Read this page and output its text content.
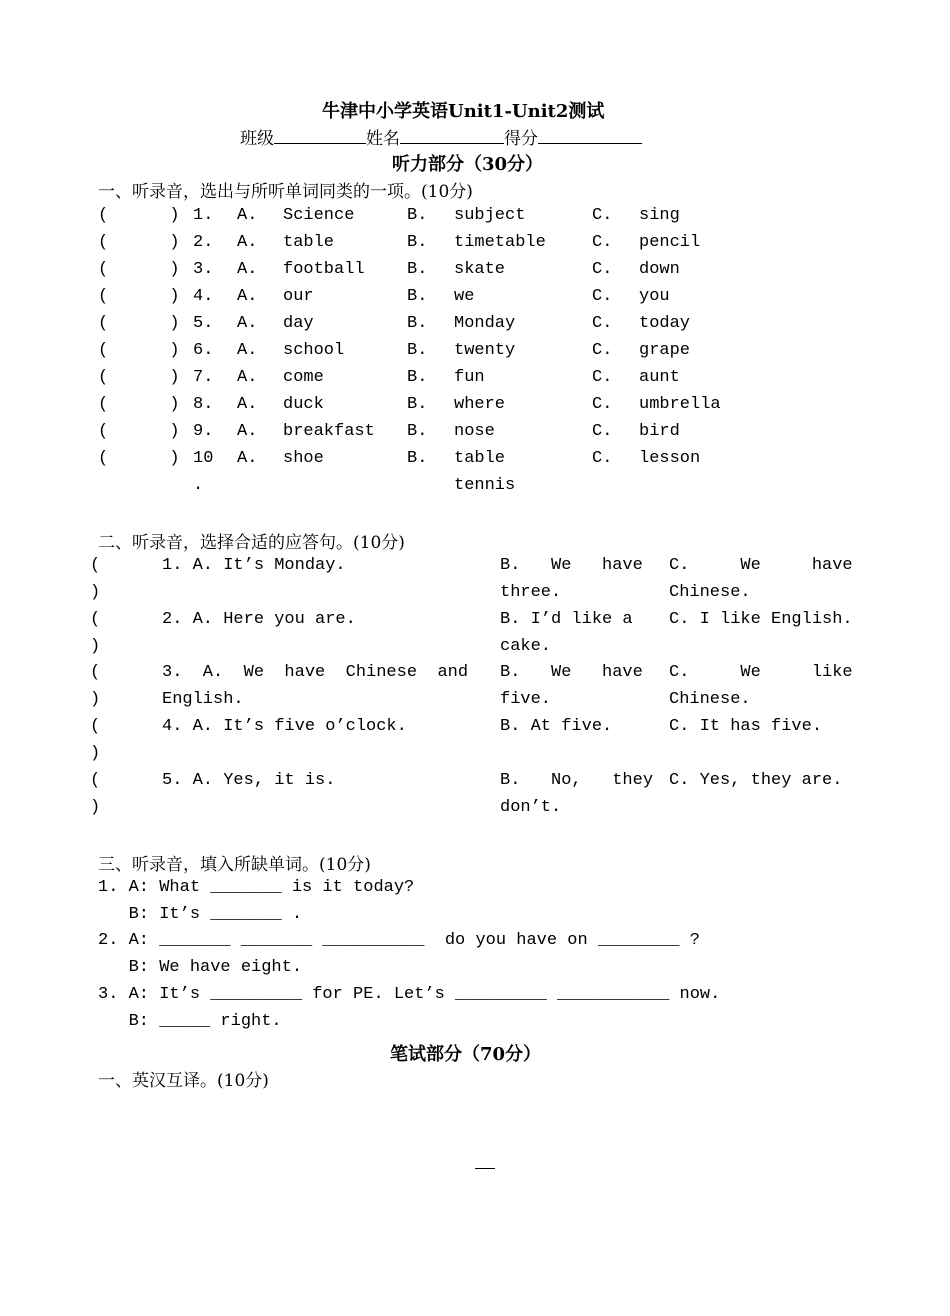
牛津中小学英语Unit1-Unit2测试
班级	姓名	得分
听力部分（30分）
一、听录音，选出与所听单词同类的一项。(10分)
(      ) 1. A. Science	B. subject	C. sing
(      ) 2. A. table	B. timetable	C. pencil
(      ) 3. A. football B. skate	C. down
(      ) 4. A. our	B. we	C. you
(      ) 5. A. day	B. Monday	C. today
(      ) 6. A. school	B. twenty	C. grape
(      ) 7. A. come	B. fun	C. aunt
(      ) 8. A. duck	B. where	C. umbrella
(      ) 9. A. breakfast B. nose	C. bird
(      ) 10 A. shoe	B. table	C. lesson
.	tennis
二、听录音，选择合适的应答句。(10分)
(
)
1. A. It’s Monday.	B.   We   have
three.
C.     We     have
Chinese.
(
)
2. A. Here you are.	B. I’d like a
cake.
C. I like English.
(
)
3.  A.  We  have  Chinese  and
English.
B.   We   have
five.
C.     We     like
Chinese.
(
)
4. A. It’s five o’clock.	B. At five.	C. It has five.
(
)
5. A. Yes, it is.	B.   No,   they
don’t.
C. Yes, they are.
三、听录音，填入所缺单词。(10分)
1. A: What _______ is it today?
B: It’s _______ .
2. A: _______ _______ __________  do you have on ________ ?
B: We have eight.
3. A: It’s _________ for PE. Let’s _________ ___________ now.
B: _____ right.
笔试部分（70分）
一、英汉互译。(10分)
